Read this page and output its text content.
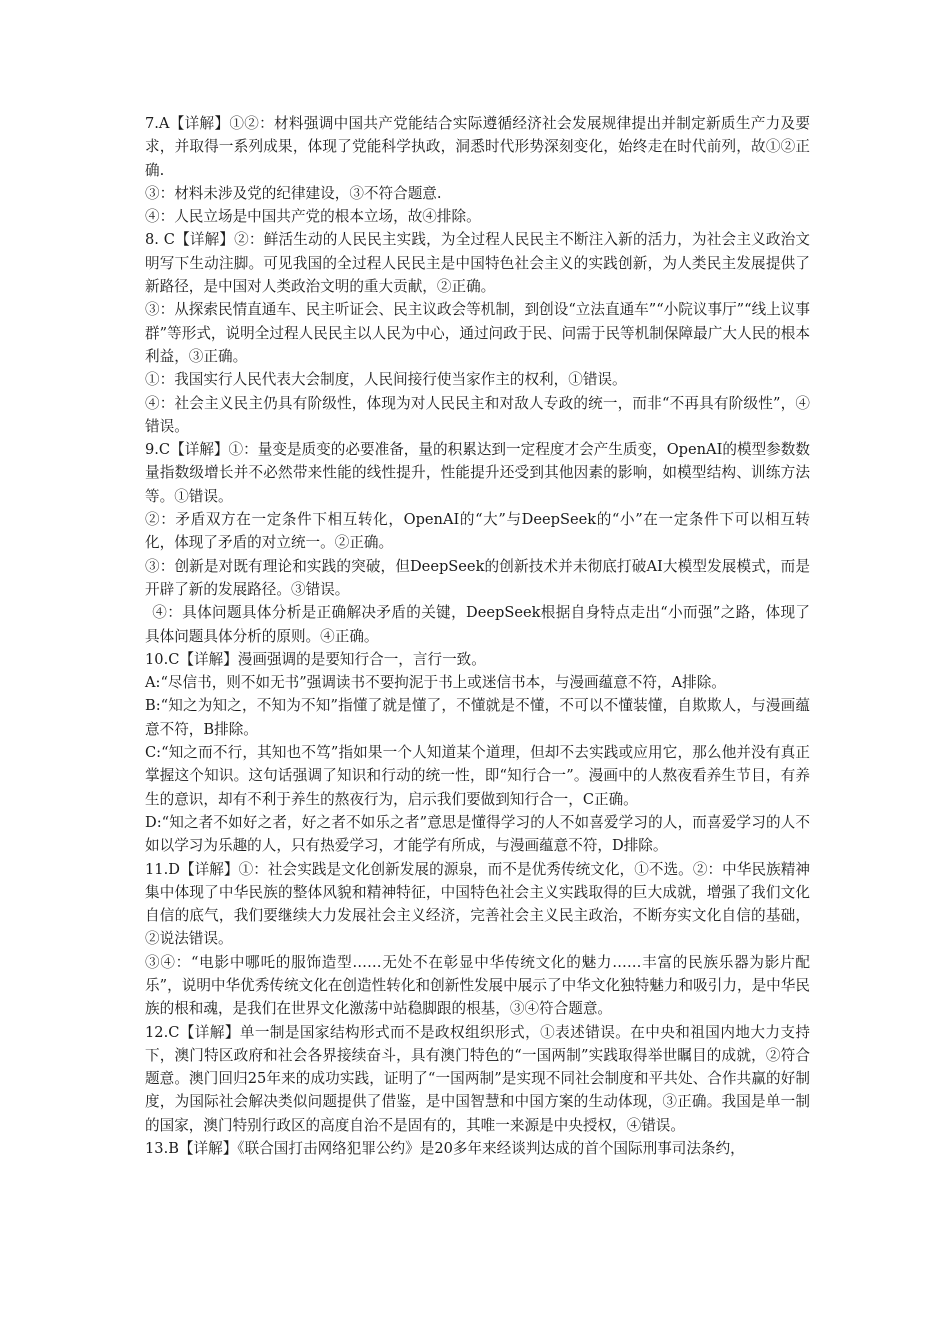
7.A【详解】①②：材料强调中国共产党能结合实际遵循经济社会发展规律提出并制定新质生产力及要求，并取得一系列成果，体现了党能科学执政，洞悉时代形势深刻变化，始终走在时代前列，故①②正确.

③：材料未涉及党的纪律建设，③不符合题意.

④：人民立场是中国共产党的根本立场，故④排除。

8. C【详解】②：鲜活生动的人民民主实践，为全过程人民民主不断注入新的活力，为社会主义政治文明写下生动注脚。可见我国的全过程人民民主是中国特色社会主义的实践创新，为人类民主发展提供了新路径，是中国对人类政治文明的重大贡献，②正确。

③：从探索民情直通车、民主听证会、民主议政会等机制，到创设“立法直通车”“小院议事厅”“线上议事群”等形式，说明全过程人民民主以人民为中心，通过问政于民、问需于民等机制保障最广大人民的根本利益，③正确。

①：我国实行人民代表大会制度，人民间接行使当家作主的权利，①错误。

④：社会主义民主仍具有阶级性，体现为对人民民主和对敌人专政的统一，而非“不再具有阶级性”，④错误。

9.C【详解】①：量变是质变的必要准备，量的积累达到一定程度才会产生质变，OpenAI的模型参数数量指数级增长并不必然带来性能的线性提升，性能提升还受到其他因素的影响，如模型结构、训练方法等。①错误。

②：矛盾双方在一定条件下相互转化，OpenAI的“大”与DeepSeek的“小”在一定条件下可以相互转化，体现了矛盾的对立统一。②正确。

③：创新是对既有理论和实践的突破，但DeepSeek的创新技术并未彻底打破AI大模型发展模式，而是开辟了新的发展路径。③错误。

④：具体问题具体分析是正确解决矛盾的关键，DeepSeek根据自身特点走出“小而强”之路，体现了具体问题具体分析的原则。④正确。

10.C【详解】漫画强调的是要知行合一，言行一致。

A:“尽信书，则不如无书”强调读书不要拘泥于书上或迷信书本，与漫画蕴意不符，A排除。

B:“知之为知之，不知为不知”指懂了就是懂了，不懂就是不懂，不可以不懂装懂，自欺欺人，与漫画蕴意不符，B排除。

C:“知之而不行，其知也不笃”指如果一个人知道某个道理，但却不去实践或应用它，那么他并没有真正掌握这个知识。这句话强调了知识和行动的统一性，即“知行合一”。漫画中的人熬夜看养生节目，有养生的意识，却有不利于养生的熬夜行为，启示我们要做到知行合一，C正确。

D:“知之者不如好之者，好之者不如乐之者”意思是懂得学习的人不如喜爱学习的人，而喜爱学习的人不如以学习为乐趣的人，只有热爱学习，才能学有所成，与漫画蕴意不符，D排除。

11.D【详解】①：社会实践是文化创新发展的源泉，而不是优秀传统文化，①不选。②：中华民族精神集中体现了中华民族的整体风貌和精神特征，中国特色社会主义实践取得的巨大成就，增强了我们文化自信的底气，我们要继续大力发展社会主义经济，完善社会主义民主政治，不断夯实文化自信的基础，②说法错误。

③④：“电影中哪吒的服饰造型……无处不在彰显中华传统文化的魅力……丰富的民族乐器为影片配乐”，说明中华优秀传统文化在创造性转化和创新性发展中展示了中华文化独特魅力和吸引力，是中华民族的根和魂，是我们在世界文化激荡中站稳脚跟的根基，③④符合题意。

12.C【详解】单一制是国家结构形式而不是政权组织形式，①表述错误。在中央和祖国内地大力支持下，澳门特区政府和社会各界接续奋斗，具有澳门特色的“一国两制”实践取得举世瞩目的成就，②符合题意。澳门回归25年来的成功实践，证明了“一国两制”是实现不同社会制度和平共处、合作共赢的好制度，为国际社会解决类似问题提供了借鉴，是中国智慧和中国方案的生动体现，③正确。我国是单一制的国家，澳门特别行政区的高度自治不是固有的，其唯一来源是中央授权，④错误。

13.B【详解】《联合国打击网络犯罪公约》是20多年来经谈判达成的首个国际刑事司法条约，
